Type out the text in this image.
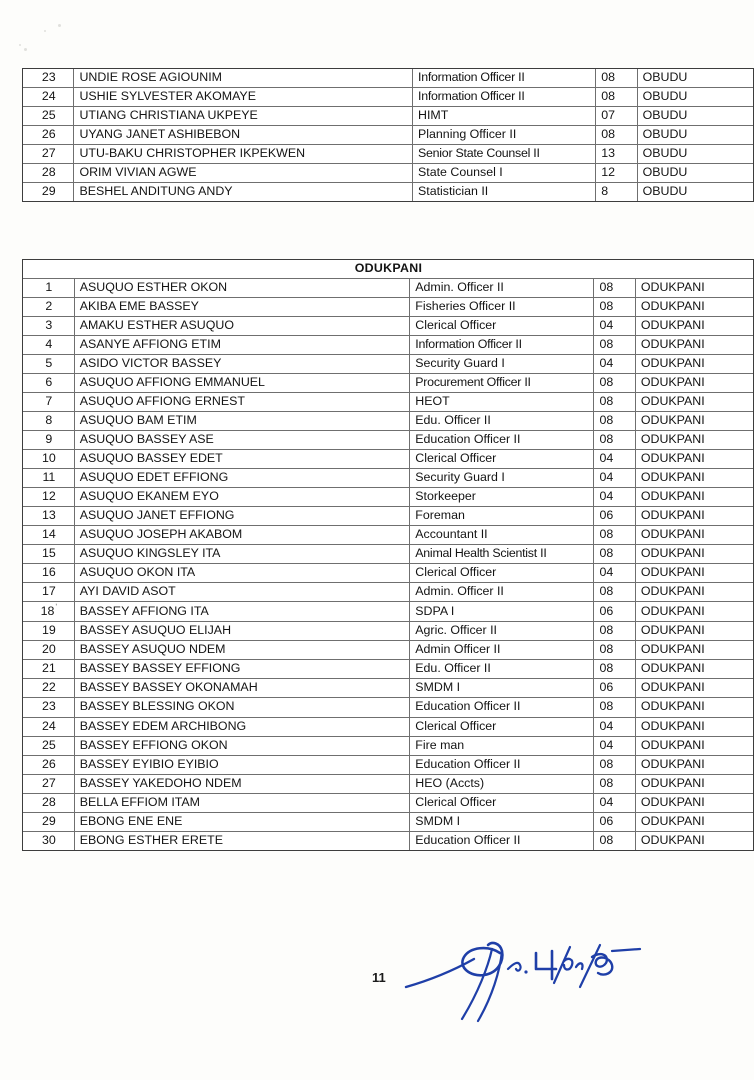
23	UNDIE ROSE AGIOUNIM	Information Officer II	08	OBUDU
24	USHIE SYLVESTER AKOMAYE	Information Officer II	08	OBUDU
25	UTIANG CHRISTIANA UKPEYE	HIMT	07	OBUDU
26	UYANG JANET ASHIBEBON	Planning Officer II	08	OBUDU
27	UTU-BAKU CHRISTOPHER IKPEKWEN	Senior State Counsel II	13	OBUDU
28	ORIM VIVIAN AGWE	State Counsel I	12	OBUDU
29	BESHEL ANDITUNG ANDY	Statistician II	8	OBUDU
ODUKPANI				
1	ASUQUO ESTHER OKON	Admin. Officer II	08	ODUKPANI
2	AKIBA EME BASSEY	Fisheries Officer II	08	ODUKPANI
3	AMAKU ESTHER ASUQUO	Clerical Officer	04	ODUKPANI
4	ASANYE AFFIONG ETIM	Information Officer II	08	ODUKPANI
5	ASIDO VICTOR BASSEY	Security Guard I	04	ODUKPANI
6	ASUQUO AFFIONG EMMANUEL	Procurement Officer II	08	ODUKPANI
7	ASUQUO AFFIONG ERNEST	HEOT	08	ODUKPANI
8	ASUQUO BAM ETIM	Edu. Officer II	08	ODUKPANI
9	ASUQUO BASSEY ASE	Education Officer II	08	ODUKPANI
10	ASUQUO BASSEY EDET	Clerical Officer	04	ODUKPANI
11	ASUQUO EDET EFFIONG	Security Guard I	04	ODUKPANI
12	ASUQUO EKANEM EYO	Storkeeper	04	ODUKPANI
13	ASUQUO JANET EFFIONG	Foreman	06	ODUKPANI
14	ASUQUO JOSEPH AKABOM	Accountant II	08	ODUKPANI
15	ASUQUO KINGSLEY ITA	Animal Health Scientist II	08	ODUKPANI
16	ASUQUO OKON ITA	Clerical Officer	04	ODUKPANI
17	AYI DAVID ASOT	Admin. Officer II	08	ODUKPANI
$18^ʼ$	BASSEY AFFIONG ITA	SDPA I	06	ODUKPANI
19	BASSEY ASUQUO ELIJAH	Agric. Officer II	08	ODUKPANI
20	BASSEY ASUQUO NDEM	Admin Officer II	08	ODUKPANI
21	BASSEY BASSEY EFFIONG	Edu. Officer II	08	ODUKPANI
22	BASSEY BASSEY OKONAMAH	SMDM I	06	ODUKPANI
23	BASSEY BLESSING OKON	Education Officer II	08	ODUKPANI
24	BASSEY EDEM ARCHIBONG	Clerical Officer	04	ODUKPANI
25	BASSEY EFFIONG OKON	Fire man	04	ODUKPANI
26	BASSEY EYIBIO EYIBIO	Education Officer II	08	ODUKPANI
27	BASSEY YAKEDOHO NDEM	HEO (Accts)	08	ODUKPANI
28	BELLA EFFIOM ITAM	Clerical Officer	04	ODUKPANI
29	EBONG ENE ENE	SMDM I	06	ODUKPANI
30	EBONG ESTHER ERETE	Education Officer II	08	ODUKPANI
11
